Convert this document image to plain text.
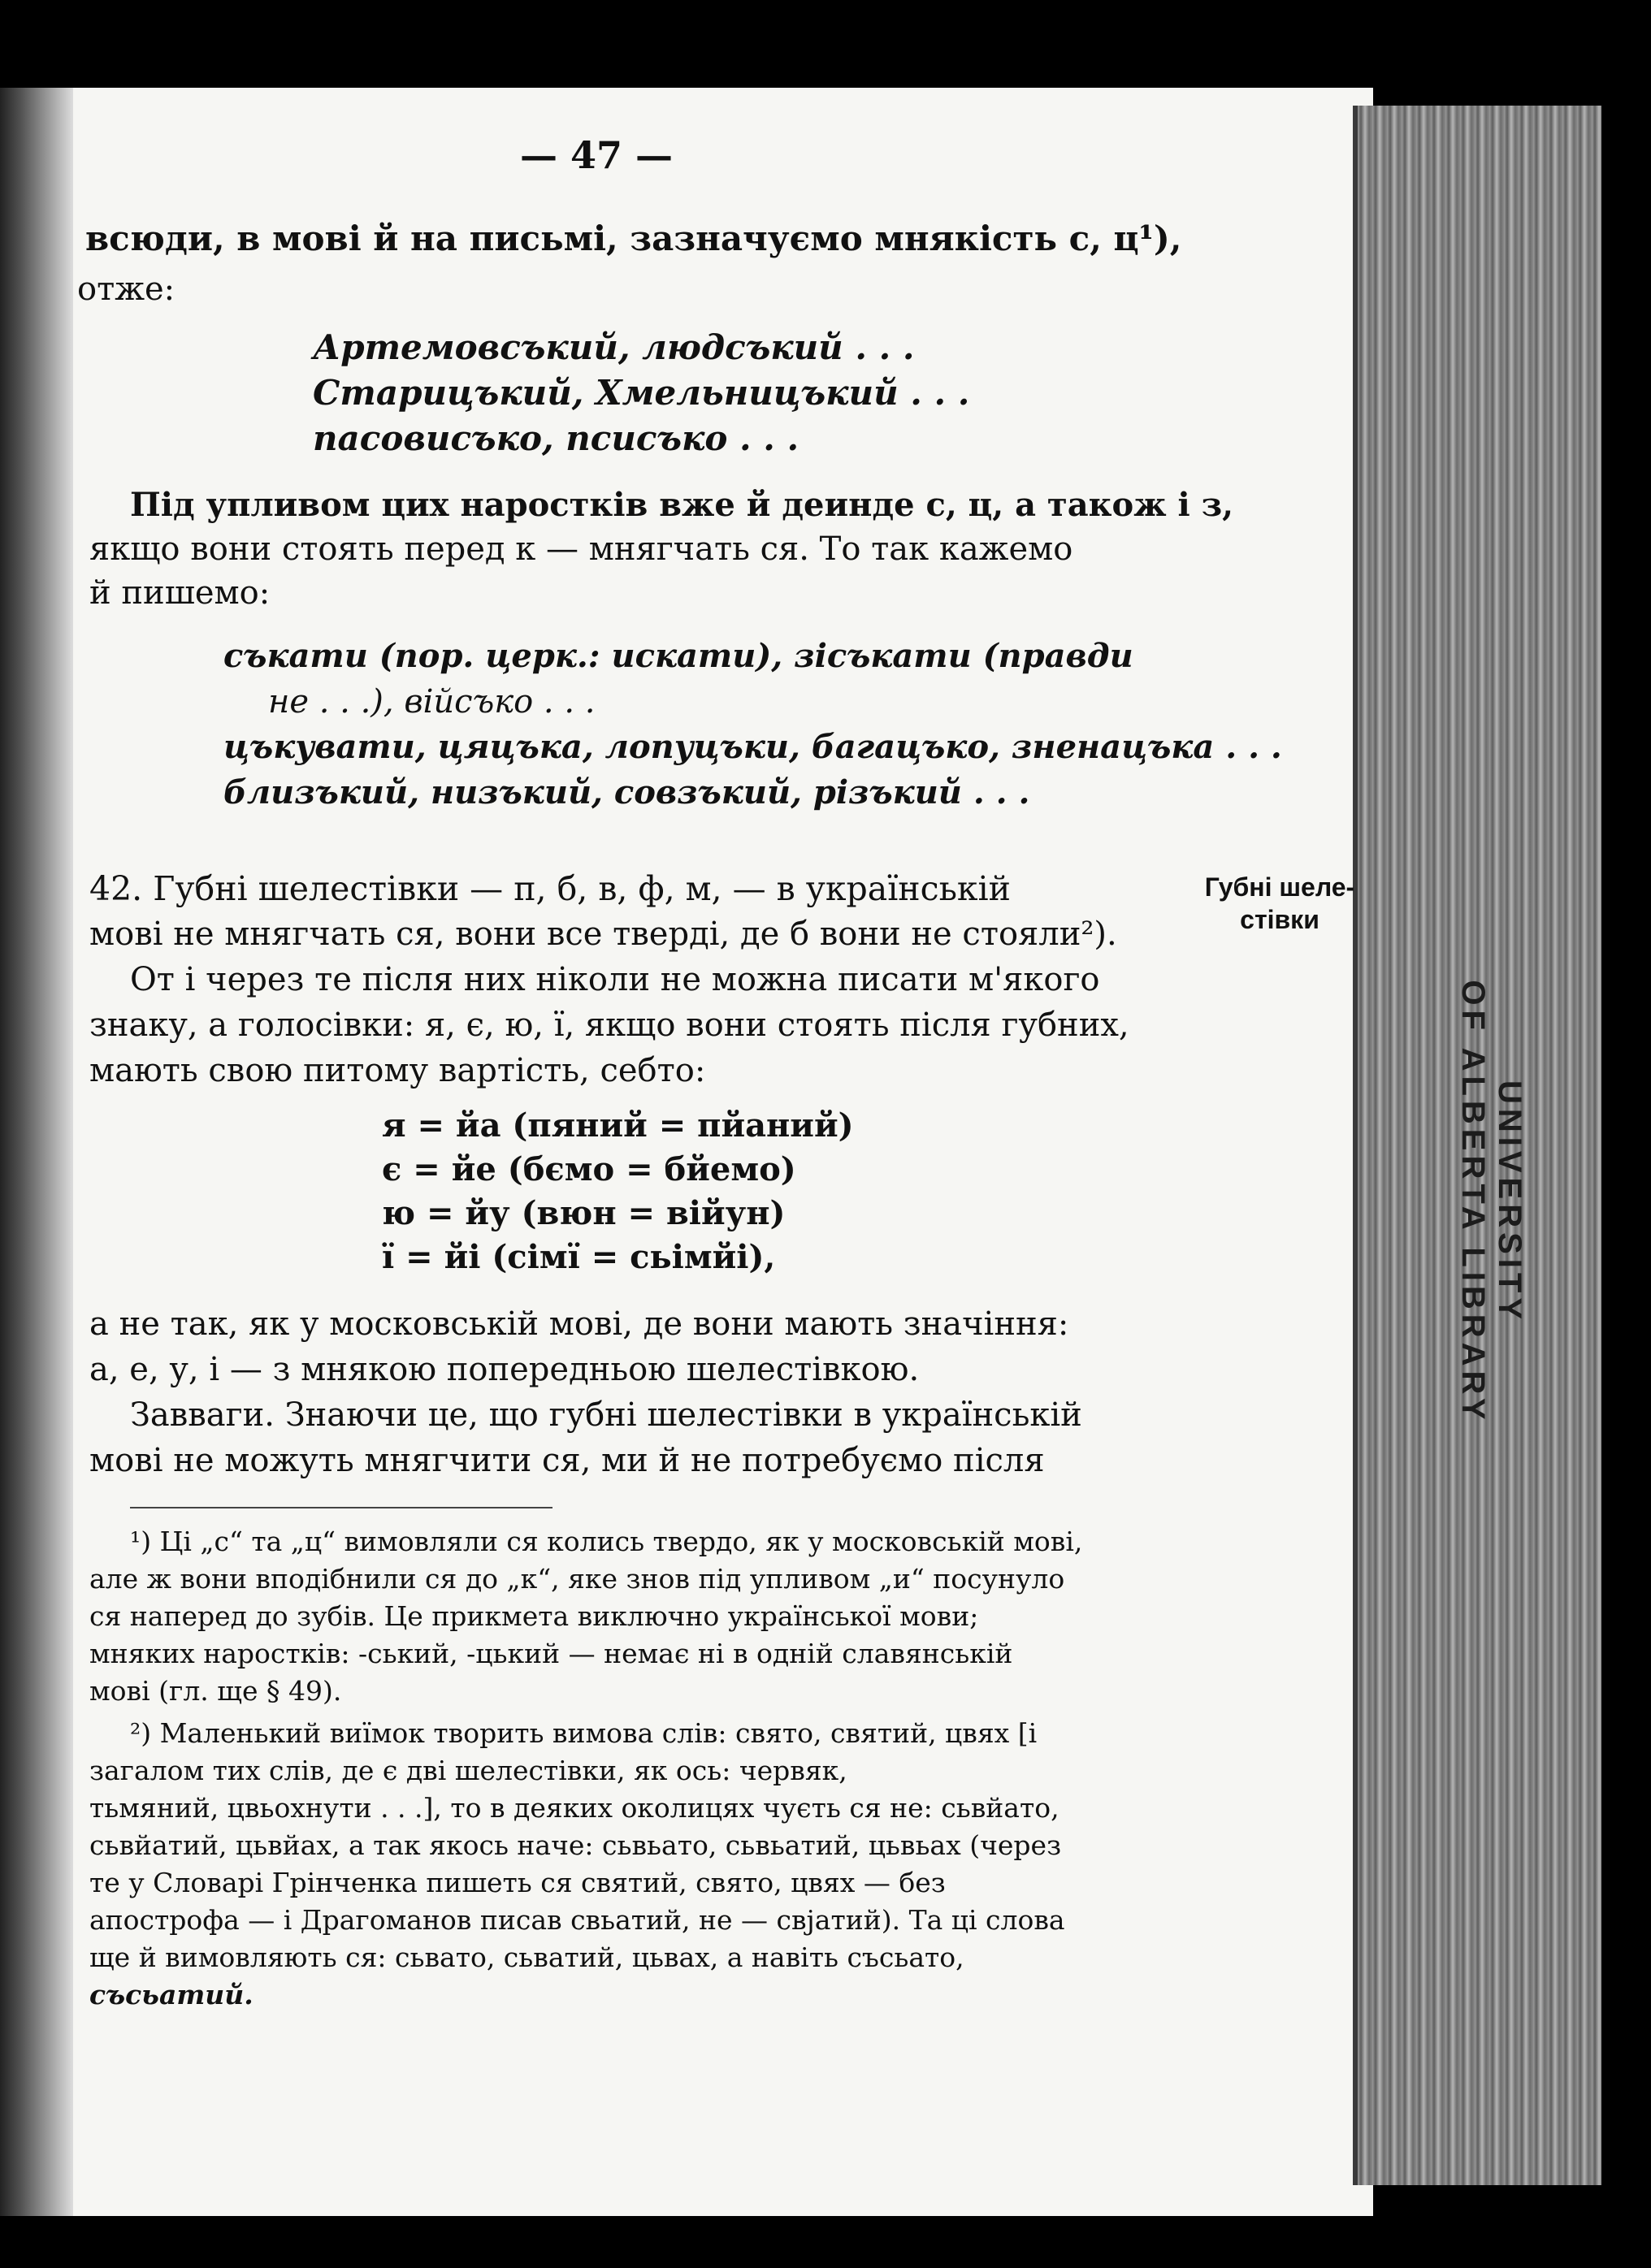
UNIVERSITY
OF ALBERTA LIBRARY
— 47 —
всюди, в мові й на письмі, зазначуємо мнякість с, ц¹),
отже:
Артемовсъкий, людсъкий . . .
Старицъкий, Хмельницъкий . . .
пасовисъко, псисъко . . .
Під упливом цих наростків вже й деинде с, ц, а також і з,
якщо вони стоять перед к — мнягчать ся. То так кажемо
й пишемо:
съкати (пор. церк.: искати), зісъкати (правди
не . . .), війсъко . . .
цъкувати, цяцъка, лопуцъки, багацъко, зненацъка . . .
близъкий, низъкий, совзъкий, різъкий . . .
42. Губні шелестівки — п, б, в, ф, м, — в українській
мові не мнягчать ся, вони все тверді, де б вони не стояли²).
От і через те після них ніколи не можна писати м'якого
знаку, а голосівки: я, є, ю, ї, якщо вони стоять після губних,
мають свою питому вартість, себто:
Губні шеле-
стівки
я = йа (пяний = пйаний)
є = йе (бємо = бйемо)
ю = йу (вюн = війун)
ї = йі (сімї = сьімйі),
а не так, як у московській мові, де вони мають значіння:
а, е, у, і — з мнякою попередньою шелестівкою.
Завваги. Знаючи це, що губні шелестівки в українській
мові не можуть мнягчити ся, ми й не потребуємо після
¹) Ці „с“ та „ц“ вимовляли ся колись твердо, як у московській мові,
але ж вони вподібнили ся до „к“, яке знов під упливом „и“ посунуло
ся наперед до зубів. Це прикмета виключно української мови;
мнякиx наростків: -ський, -цький — немає ні в одній славянській
мові (гл. ще § 49).
²) Маленький виїмок творить вимова слів: свято, святий, цвях [і
загалом тих слів, де є дві шелестівки, як ось: червяк,
тьмяний, цвьохнути . . .], то в деяких околицях чуєть ся не: сьвйато,
сьвйатий, цьвйах, а так якось наче: сьвьато, сьвьатий, цьвьах (через
те у Словарі Грінченка пишеть ся святий, свято, цвях — без
апострофа — і Драгоманов писав свьатий, не — свјатий). Та ці слова
ще й вимовляють ся: сьвато, сьватий, цьвах, а навіть съсьато,
съсьатий.
